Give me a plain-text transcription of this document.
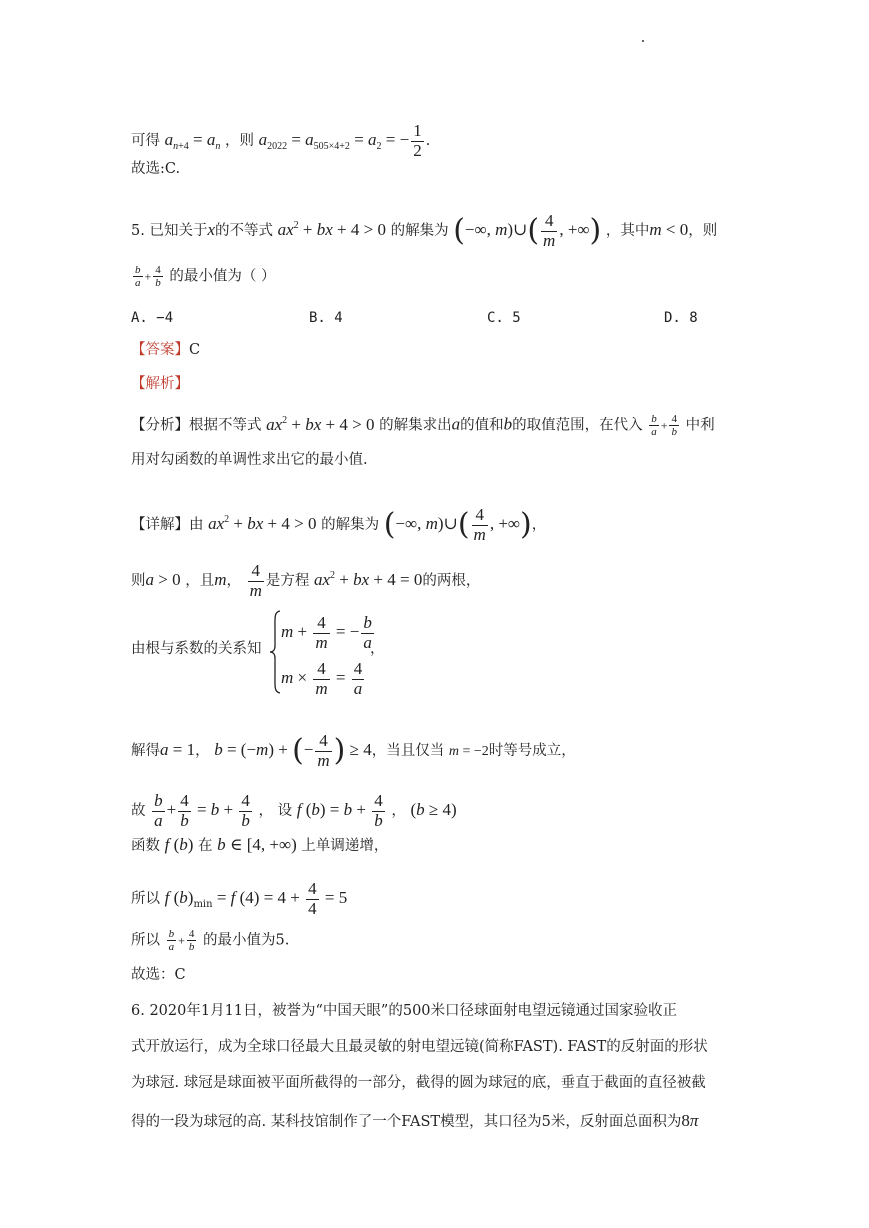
可得 $a_{n+4} = a_n$ ，则 $a_{2022} = a_{505\times 4+2} = a_2$ = − $\frac{1}{2}$ .
故选:C.
5. 已知关于x的不等式 $ax^2$ + bx + 4 > 0 的解集为 (−∞, m)∪( $\frac{4}{m}$ , +∞) ，其中m < 0，则
$\frac{b}{a} + \frac{4}{b}$ 的最小值为（ ）
A. −4	B. 4	C. 5	D. 8
【答案】C
【解析】
【分析】根据不等式 $ax^2$ + bx + 4 > 0 的解集求出a的值和b的取值范围，在代入 $\frac{b}{a} + \frac{4}{b}$ 中利
用对勾函数的单调性求出它的最小值.
【详解】由 $ax^2$ + bx + 4 > 0 的解集为 (−∞, m)∪( $\frac{4}{m}$ , +∞)，
则a > 0 ，且m， $\frac{4}{m}$ 是方程 $ax^2$ + bx + 4 = 0的两根，
由根与系数的关系知
$m + \frac{4}{m}$ = − $\frac{b}{a}$
，
$m \times \frac{4}{m} = \frac{4}{a}$
解得a = 1， b = (−m) + (− $\frac{4}{m}$ ) ≥ 4，当且仅当 m = −2时等号成立，
故 $\frac{b}{a} + \frac{4}{b} = b + \frac{4}{b}$ ， 设 f $(b) = b + \frac{4}{b}$ ， (b ≥ 4)
函数 f (b) 在 b ∈ [4, +∞) 上单调递增，
所以 f $(b)_{min} = f$ $(4) = 4 + \frac{4}{4} = 5$
所以 $\frac{b}{a} + \frac{4}{b}$ 的最小值为5.
故选：C
6. 2020年1月11日，被誉为“中国天眼”的500米口径球面射电望远镜通过国家验收正
式开放运行，成为全球口径最大且最灵敏的射电望远镜(简称FAST). FAST的反射面的形状
为球冠. 球冠是球面被平面所截得的一部分，截得的圆为球冠的底，垂直于截面的直径被截
得的一段为球冠的高. 某科技馆制作了一个FAST模型，其口径为5米，反射面总面积为8π
